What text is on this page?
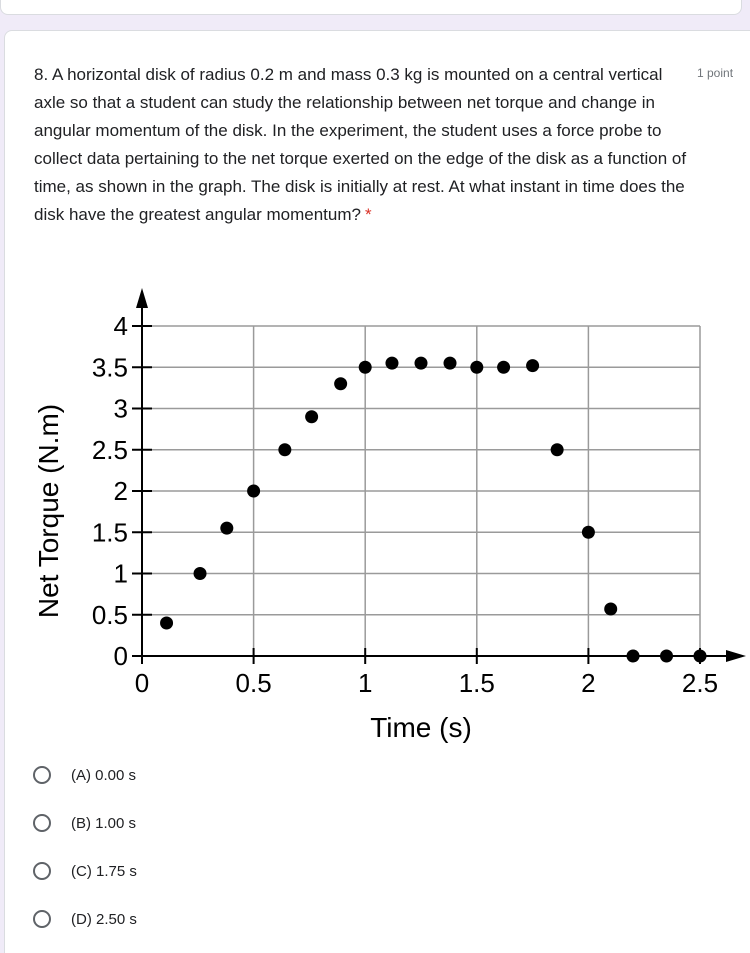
8. A horizontal disk of radius 0.2 m and mass 0.3 kg is mounted on a central vertical axle so that a student can study the relationship between net torque and change in angular momentum of the disk. In the experiment, the student uses a force probe to collect data pertaining to the net torque exerted on the edge of the disk as a function of time, as shown in the graph. The disk is initially at rest. At what instant in time does the disk have the greatest angular momentum? *
1 point
0
0.5
1
1.5
2
2.5
3
3.5
4
0	0.5	1	1.5	2	2.5
Time (s)
Net Torque (N.m)
(A) 0.00 s
(B) 1.00 s
(C) 1.75 s
(D) 2.50 s
